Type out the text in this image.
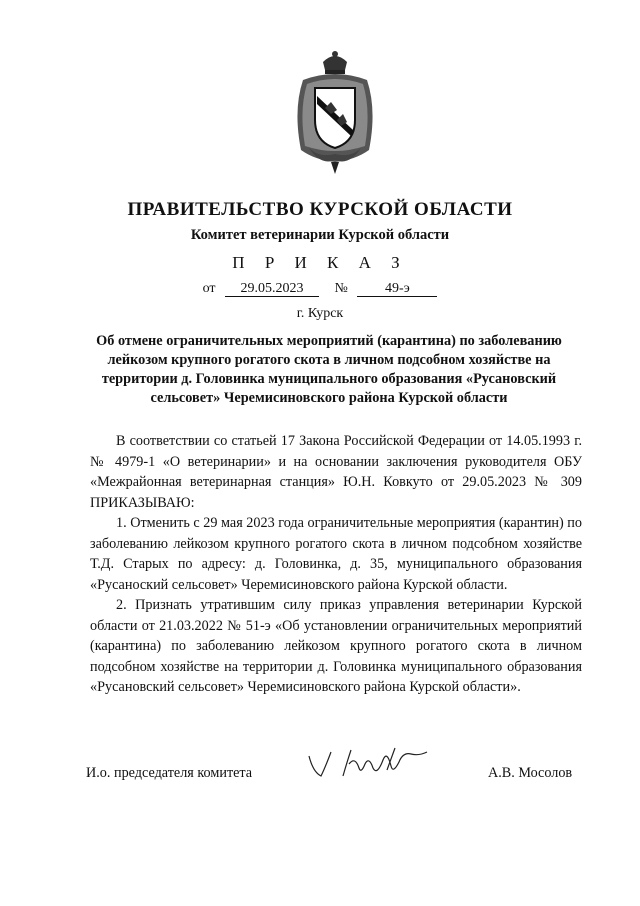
ПРАВИТЕЛЬСТВО КУРСКОЙ ОБЛАСТИ
Комитет ветеринарии Курской области
П Р И К А З
от 29.05.2023 №	49-э
г. Курск
Об отмене ограничительных мероприятий (карантина) по заболеванию лейкозом крупного рогатого скота в личном подсобном хозяйстве на территории д. Головинка муниципального образования «Русановский сельсовет» Черемисиновского района Курской области

В соответствии со статьей 17 Закона Российской Федерации от 14.05.1993 г. № 4979-1 «О ветеринарии» и на основании заключения руководителя ОБУ «Межрайонная ветеринарная станция» Ю.Н. Ковкуто от 29.05.2023 № 309 ПРИКАЗЫВАЮ:

1. Отменить с 29 мая 2023 года ограничительные мероприятия (карантин) по заболеванию лейкозом крупного рогатого скота в личном подсобном хозяйстве Т.Д. Старых по адресу: д. Головинка, д. 35, муниципального образования «Русаноский сельсовет» Черемисиновского района Курской области.

2. Признать утратившим силу приказ управления ветеринарии Курской области от 21.03.2022 № 51-э «Об установлении ограничительных мероприятий (карантина) по заболеванию лейкозом крупного рогатого скота в личном подсобном хозяйстве на территории д. Головинка муниципального образования «Русановский сельсовет» Черемисиновского района Курской области».

И.о. председателя комитета	А.В. Мосолов
